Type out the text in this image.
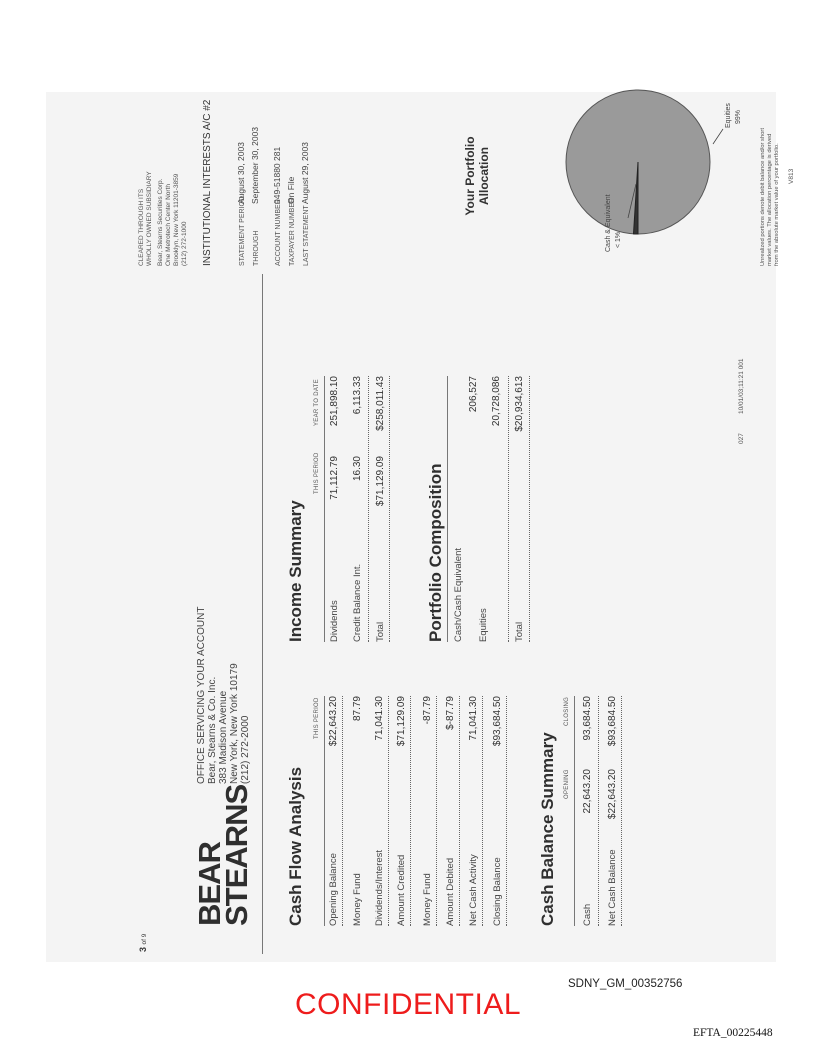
3 of 9
BEAR
STEARNS
OFFICE SERVICING YOUR ACCOUNT Bear, Stearns & Co. Inc. 383 Madison Avenue New York, New York 10179 (212) 272-2000
Cash Flow Analysis
THIS PERIOD
Opening Balance
$22,643.20
Money Fund
87.79
Dividends/Interest
71,041.30
Amount Credited
$71,129.09
Money Fund
-87.79
Amount Debited
$-87.79
Net Cash Activity
71,041.30
Closing Balance
$93,684.50
Cash Balance Summary OPENING
CLOSING
Cash
22,643.20
93,684.50
Net Cash Balance
$22,643.20
$93,684.50
Income Summary
THIS PERIOD
YEAR TO DATE
Dividends
71,112.79
251,898.10
Credit Balance Int.
16.30
6,113.33
Total
$71,129.09
$258,011.43
Portfolio Composition Cash/Cash Equivalent
206,527
Equities
20,728,086
Total
$20,934,613
027
10/01/03;11:21 001
CLEARED THROUGH ITS WHOLLY OWNED SUBSIDIARY Bear, Stearns Securities Corp. One Metrotech Center North Brooklyn, New York 11201-3859 (212) 272-1000 INSTITUTIONAL INTERESTS A/C #2	STATEMENT PERIOD
August 30, 2003
THROUGH
September 30, 2003
ACCOUNT NUMBER
049-51880 281
TAXPAYER NUMBER
On File
LAST STATEMENT
August 29, 2003	Your Portfolio Allocation
Cash & Equivalent < 1%
Equities 99%
Unrealized portions denote debit balance and/or short market values. The allocation percentage is derived from the absolute market value of your portfolio. V813
CONFIDENTIAL
SDNY_GM_00352756
EFTA_00225448
